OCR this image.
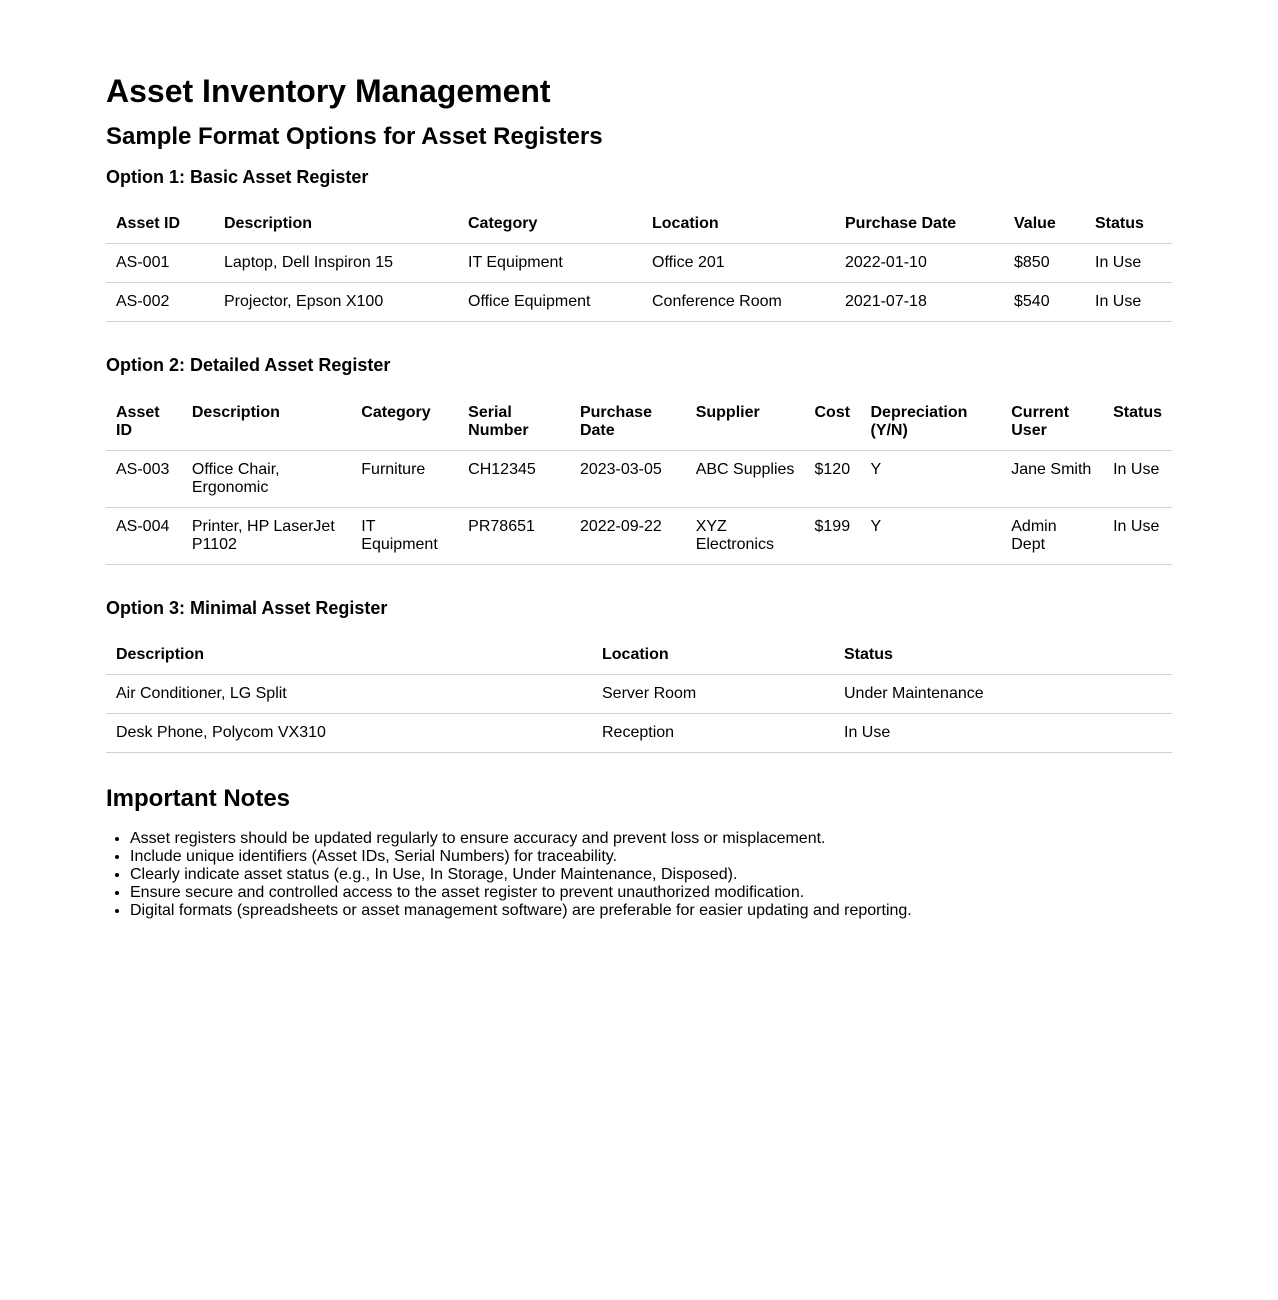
Asset Inventory Management
Sample Format Options for Asset Registers
Option 1: Basic Asset Register
Asset ID	Description	Category	Location	Purchase Date	Value	Status
AS-001	Laptop, Dell Inspiron 15	IT Equipment	Office 201	2022-01-10	$850	In Use
AS-002	Projector, Epson X100	Office Equipment	Conference Room	2021-07-18	$540	In Use
Option 2: Detailed Asset Register
Asset ID	Description	Category	Serial Number	Purchase Date	Supplier	Cost	Depreciation (Y/N)	Current User	Status
AS-003	Office Chair, Ergonomic	Furniture	CH12345	2023-03-05	ABC Supplies	$120	Y	Jane Smith	In Use
AS-004	Printer, HP LaserJet P1102	IT Equipment	PR78651	2022-09-22	XYZ Electronics	$199	Y	Admin Dept	In Use
Option 3: Minimal Asset Register
Description	Location	Status
Air Conditioner, LG Split	Server Room	Under Maintenance
Desk Phone, Polycom VX310	Reception	In Use
Important Notes
• Asset registers should be updated regularly to ensure accuracy and prevent loss or misplacement.
• Include unique identifiers (Asset IDs, Serial Numbers) for traceability.
• Clearly indicate asset status (e.g., In Use, In Storage, Under Maintenance, Disposed).
• Ensure secure and controlled access to the asset register to prevent unauthorized modification.
• Digital formats (spreadsheets or asset management software) are preferable for easier updating and reporting.
